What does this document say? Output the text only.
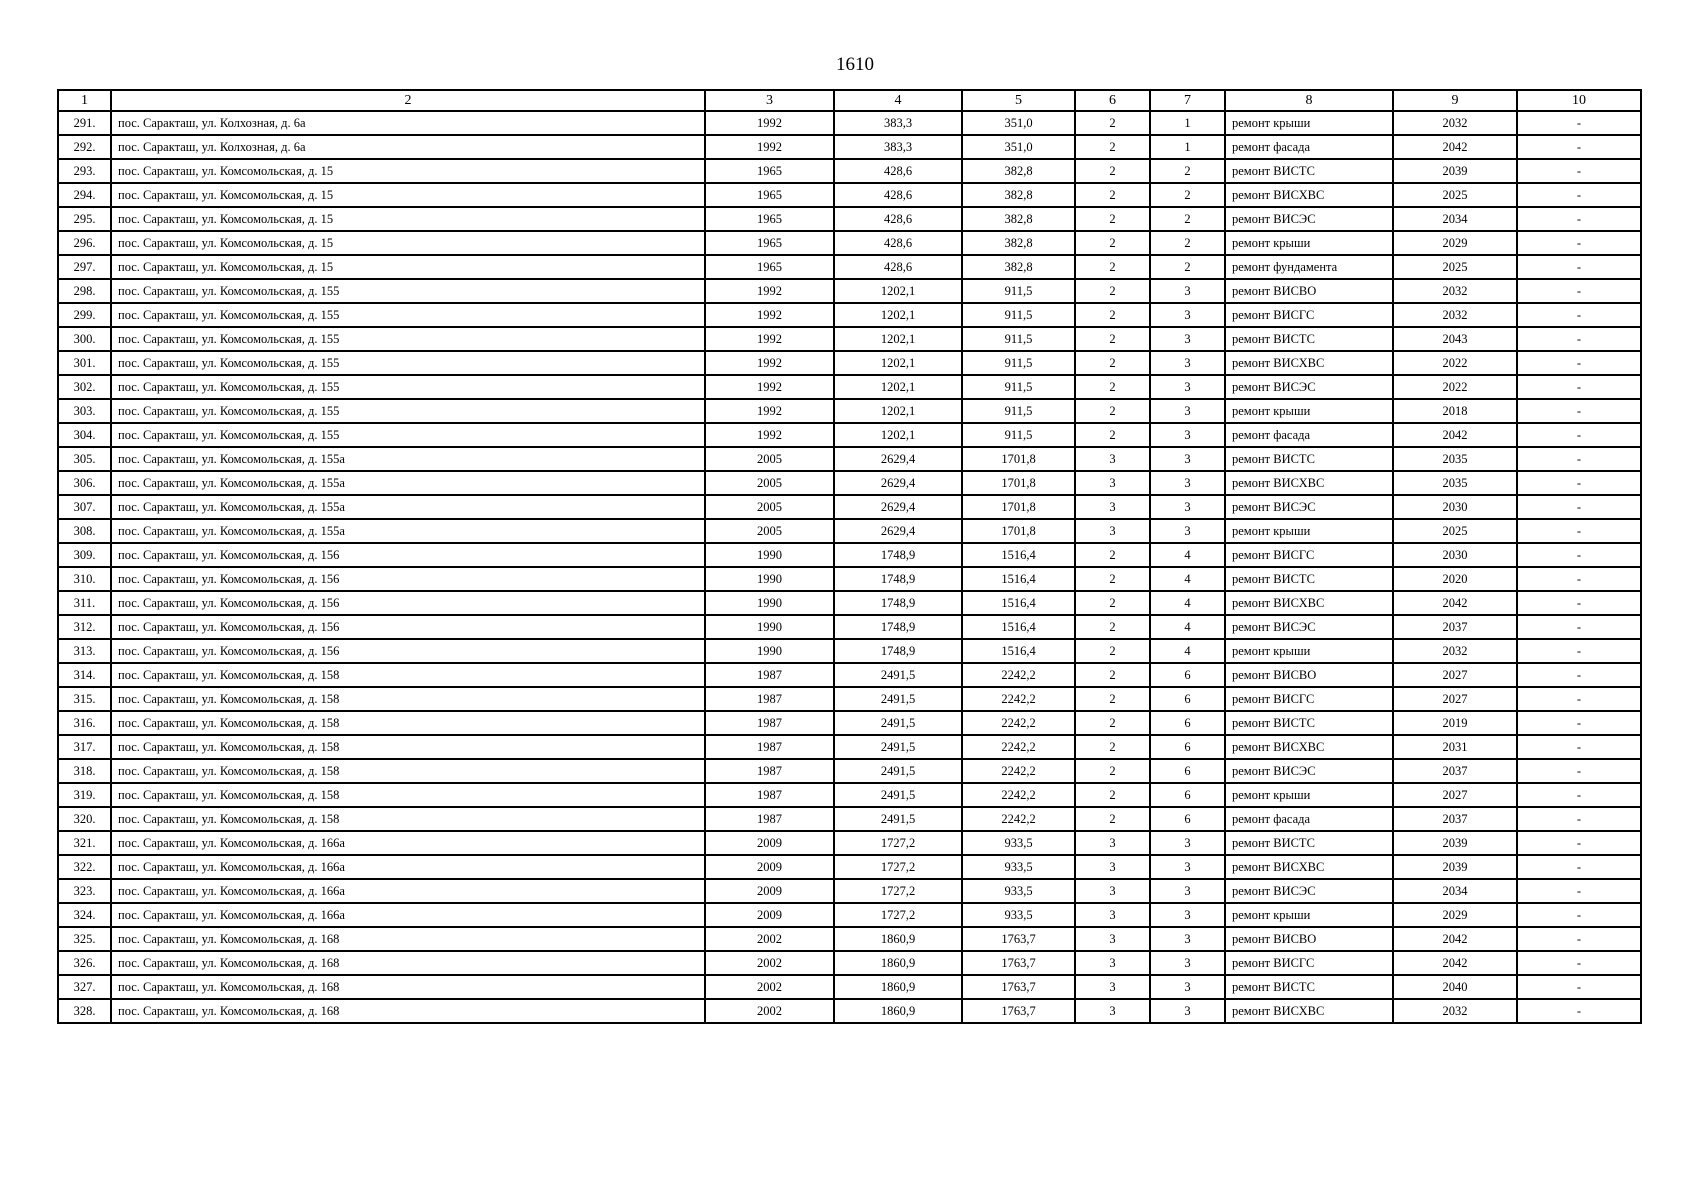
1610
1	2	3	4	5	6	7	8	9	10
291.	пос. Саракташ, ул. Колхозная, д. 6а	1992	383,3	351,0	2	1	ремонт крыши	2032	-
292.	пос. Саракташ, ул. Колхозная, д. 6а	1992	383,3	351,0	2	1	ремонт фасада	2042	-
293.	пос. Саракташ, ул. Комсомольская, д. 15	1965	428,6	382,8	2	2	ремонт ВИСТС	2039	-
294.	пос. Саракташ, ул. Комсомольская, д. 15	1965	428,6	382,8	2	2	ремонт ВИСХВС	2025	-
295.	пос. Саракташ, ул. Комсомольская, д. 15	1965	428,6	382,8	2	2	ремонт ВИСЭС	2034	-
296.	пос. Саракташ, ул. Комсомольская, д. 15	1965	428,6	382,8	2	2	ремонт крыши	2029	-
297.	пос. Саракташ, ул. Комсомольская, д. 15	1965	428,6	382,8	2	2	ремонт фундамента	2025	-
298.	пос. Саракташ, ул. Комсомольская, д. 155	1992	1202,1	911,5	2	3	ремонт ВИСВО	2032	-
299.	пос. Саракташ, ул. Комсомольская, д. 155	1992	1202,1	911,5	2	3	ремонт ВИСГС	2032	-
300.	пос. Саракташ, ул. Комсомольская, д. 155	1992	1202,1	911,5	2	3	ремонт ВИСТС	2043	-
301.	пос. Саракташ, ул. Комсомольская, д. 155	1992	1202,1	911,5	2	3	ремонт ВИСХВС	2022	-
302.	пос. Саракташ, ул. Комсомольская, д. 155	1992	1202,1	911,5	2	3	ремонт ВИСЭС	2022	-
303.	пос. Саракташ, ул. Комсомольская, д. 155	1992	1202,1	911,5	2	3	ремонт крыши	2018	-
304.	пос. Саракташ, ул. Комсомольская, д. 155	1992	1202,1	911,5	2	3	ремонт фасада	2042	-
305.	пос. Саракташ, ул. Комсомольская, д. 155а	2005	2629,4	1701,8	3	3	ремонт ВИСТС	2035	-
306.	пос. Саракташ, ул. Комсомольская, д. 155а	2005	2629,4	1701,8	3	3	ремонт ВИСХВС	2035	-
307.	пос. Саракташ, ул. Комсомольская, д. 155а	2005	2629,4	1701,8	3	3	ремонт ВИСЭС	2030	-
308.	пос. Саракташ, ул. Комсомольская, д. 155а	2005	2629,4	1701,8	3	3	ремонт крыши	2025	-
309.	пос. Саракташ, ул. Комсомольская, д. 156	1990	1748,9	1516,4	2	4	ремонт ВИСГС	2030	-
310.	пос. Саракташ, ул. Комсомольская, д. 156	1990	1748,9	1516,4	2	4	ремонт ВИСТС	2020	-
311.	пос. Саракташ, ул. Комсомольская, д. 156	1990	1748,9	1516,4	2	4	ремонт ВИСХВС	2042	-
312.	пос. Саракташ, ул. Комсомольская, д. 156	1990	1748,9	1516,4	2	4	ремонт ВИСЭС	2037	-
313.	пос. Саракташ, ул. Комсомольская, д. 156	1990	1748,9	1516,4	2	4	ремонт крыши	2032	-
314.	пос. Саракташ, ул. Комсомольская, д. 158	1987	2491,5	2242,2	2	6	ремонт ВИСВО	2027	-
315.	пос. Саракташ, ул. Комсомольская, д. 158	1987	2491,5	2242,2	2	6	ремонт ВИСГС	2027	-
316.	пос. Саракташ, ул. Комсомольская, д. 158	1987	2491,5	2242,2	2	6	ремонт ВИСТС	2019	-
317.	пос. Саракташ, ул. Комсомольская, д. 158	1987	2491,5	2242,2	2	6	ремонт ВИСХВС	2031	-
318.	пос. Саракташ, ул. Комсомольская, д. 158	1987	2491,5	2242,2	2	6	ремонт ВИСЭС	2037	-
319.	пос. Саракташ, ул. Комсомольская, д. 158	1987	2491,5	2242,2	2	6	ремонт крыши	2027	-
320.	пос. Саракташ, ул. Комсомольская, д. 158	1987	2491,5	2242,2	2	6	ремонт фасада	2037	-
321.	пос. Саракташ, ул. Комсомольская, д. 166а	2009	1727,2	933,5	3	3	ремонт ВИСТС	2039	-
322.	пос. Саракташ, ул. Комсомольская, д. 166а	2009	1727,2	933,5	3	3	ремонт ВИСХВС	2039	-
323.	пос. Саракташ, ул. Комсомольская, д. 166а	2009	1727,2	933,5	3	3	ремонт ВИСЭС	2034	-
324.	пос. Саракташ, ул. Комсомольская, д. 166а	2009	1727,2	933,5	3	3	ремонт крыши	2029	-
325.	пос. Саракташ, ул. Комсомольская, д. 168	2002	1860,9	1763,7	3	3	ремонт ВИСВО	2042	-
326.	пос. Саракташ, ул. Комсомольская, д. 168	2002	1860,9	1763,7	3	3	ремонт ВИСГС	2042	-
327.	пос. Саракташ, ул. Комсомольская, д. 168	2002	1860,9	1763,7	3	3	ремонт ВИСТС	2040	-
328.	пос. Саракташ, ул. Комсомольская, д. 168	2002	1860,9	1763,7	3	3	ремонт ВИСХВС	2032	-
